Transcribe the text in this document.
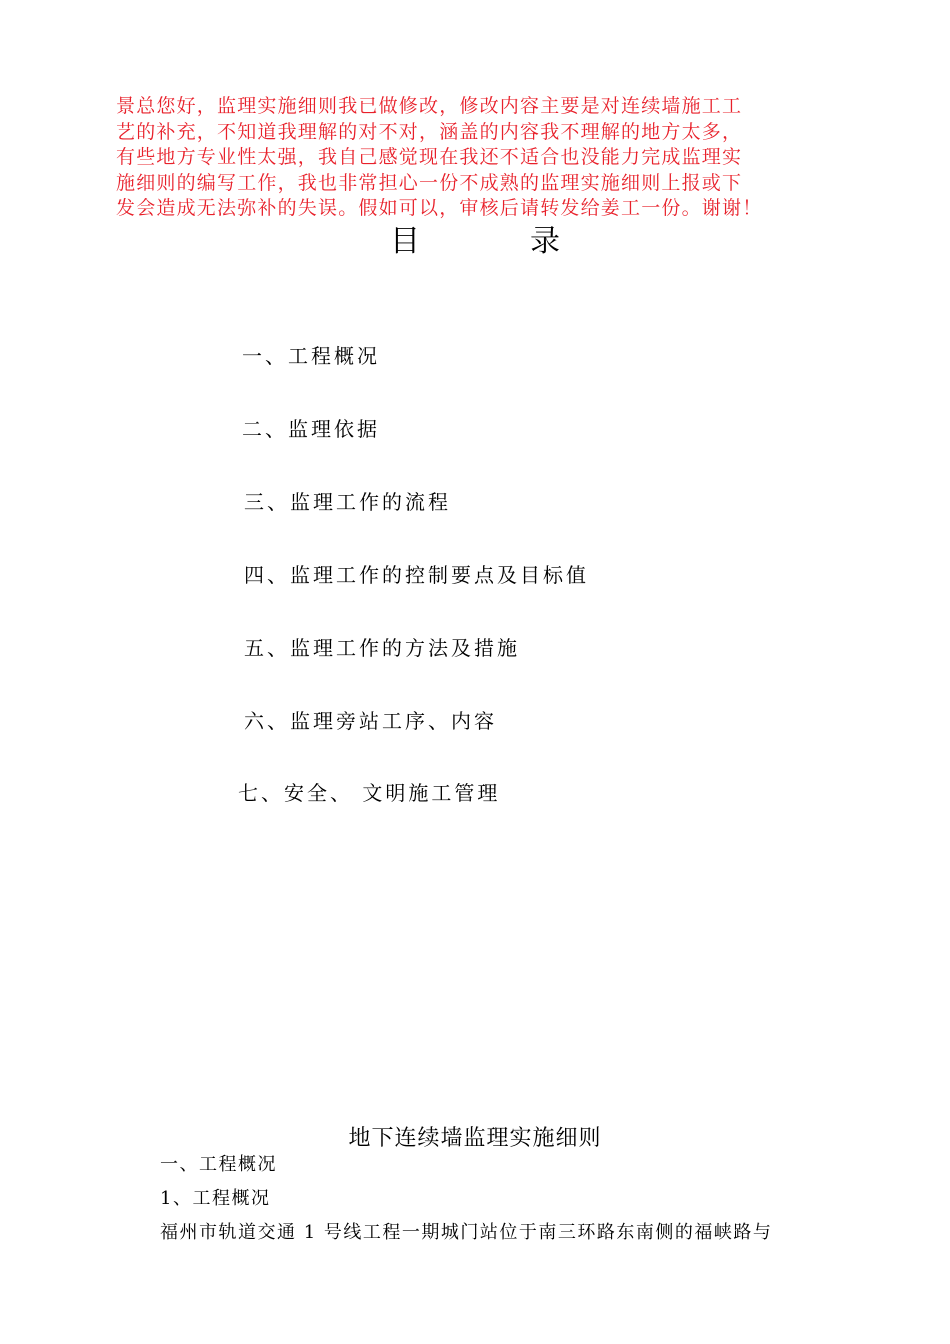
景总您好，监理实施细则我已做修改，修改内容主要是对连续墙施工工
艺的补充，不知道我理解的对不对，涵盖的内容我不理解的地方太多，
有些地方专业性太强，我自己感觉现在我还不适合也没能力完成监理实
施细则的编写工作，我也非常担心一份不成熟的监理实施细则上报或下
发会造成无法弥补的失误。假如可以，审核后请转发给姜工一份。谢谢！
目	录
一、工程概况
二、监理依据
三、监理工作的流程
四、监理工作的控制要点及目标值
五、监理工作的方法及措施
六、监理旁站工序、内容
七、安全、 文明施工管理
地下连续墙监理实施细则
一、工程概况
1、工程概况
福州市轨道交通 1 号线工程一期城门站位于南三环路东南侧的福峡路与
